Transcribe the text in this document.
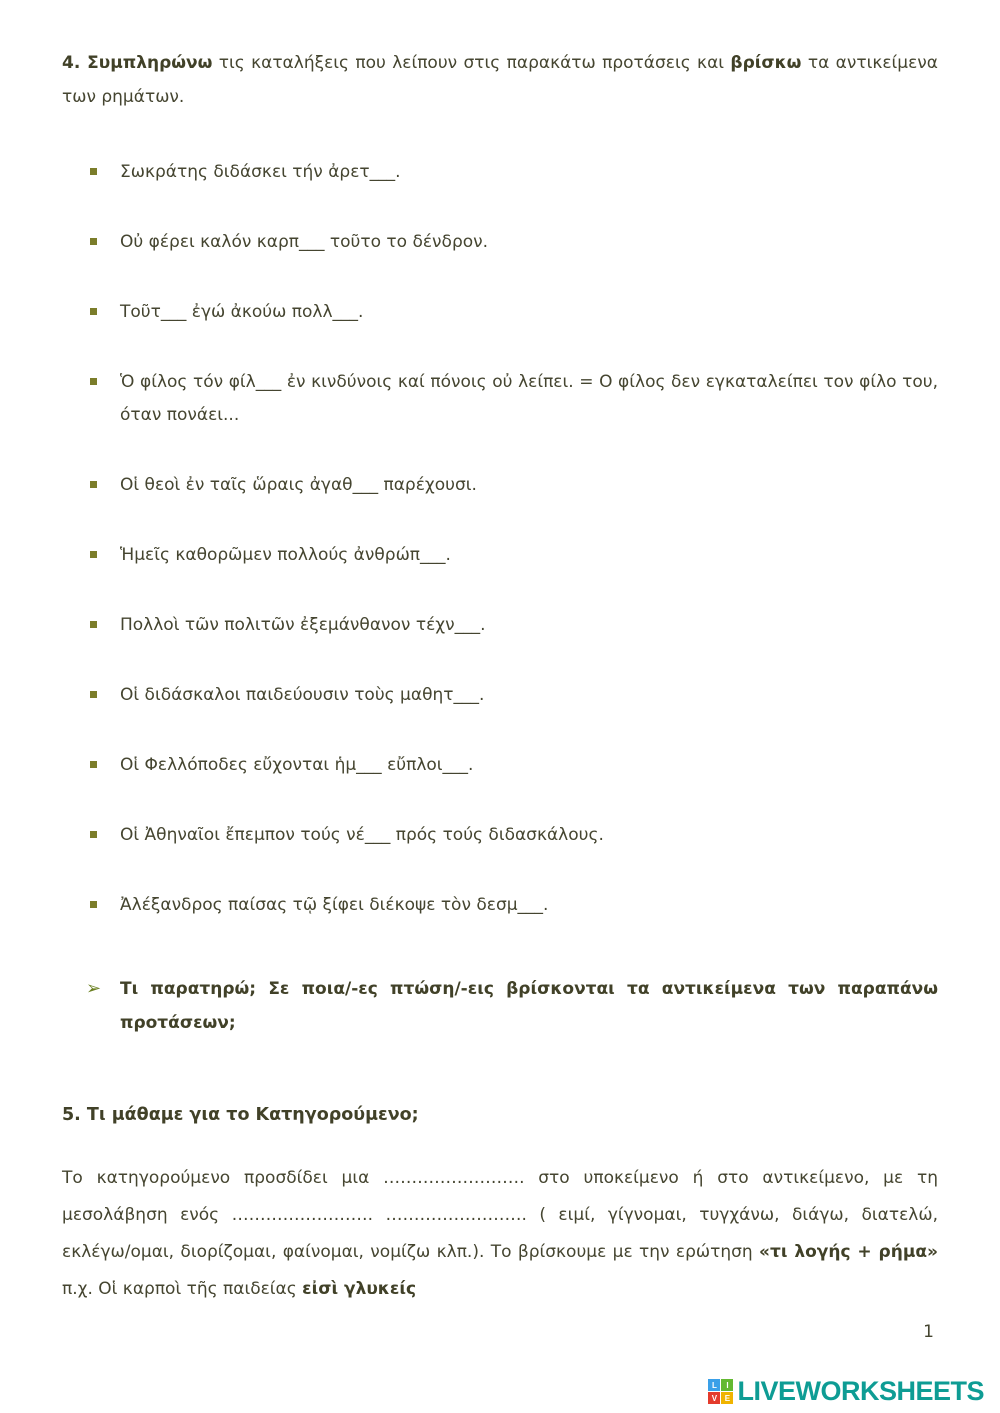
4. Συμπληρώνω τις καταλήξεις που λείπουν στις παρακάτω προτάσεις και βρίσκω τα αντικείμενα των ρημάτων.

Σωκράτης διδάσκει τήν ἀρετ___.
Οὐ φέρει καλόν καρπ___ τοῦτο το δένδρον.
Τοῦτ___ ἐγώ ἀκούω πολλ___.
Ὁ φίλος τόν φίλ___ ἐν κινδύνοις καί πόνοις οὐ λείπει. = Ο φίλος δεν εγκαταλείπει τον φίλο του, όταν πονάει...
Οἱ θεοὶ ἐν ταῖς ὥραις ἀγαθ___ παρέχουσι.
Ἡμεῖς καθορῶμεν πολλούς ἀνθρώπ___.
Πολλοὶ τῶν πολιτῶν ἐξεμάνθανον τέχν___.
Οἱ διδάσκαλοι παιδεύουσιν τοὺς μαθητ___.
Οἱ Φελλόποδες εὔχονται ἡμ___ εὔπλοι___.
Οἱ Ἀθηναῖοι ἔπεμπον τούς νέ___ πρός τούς διδασκάλους.
Ἀλέξανδρος παίσας τῷ ξίφει διέκοψε τὸν δεσμ___.
➢ Τι παρατηρώ; Σε ποια/-ες πτώση/-εις βρίσκονται τα αντικείμενα των παραπάνω προτάσεων;
5. Τι μάθαμε για το Κατηγορούμενο;

Το κατηγορούμενο προσδίδει μια ……………………. στο υποκείμενο ή στο αντικείμενο, με τη μεσολάβηση ενός ……………………. ……………………. ( ειμί, γίγνομαι, τυγχάνω, διάγω, διατελώ, εκλέγω/ομαι, διορίζομαι, φαίνομαι, νομίζω κλπ.). Το βρίσκουμε με την ερώτηση «τι λογής + ρήμα» π.χ. Οἱ καρποὶ τῆς παιδείας εἰσὶ γλυκείς

1
L	I
V E LIVEWORKSHEETS
